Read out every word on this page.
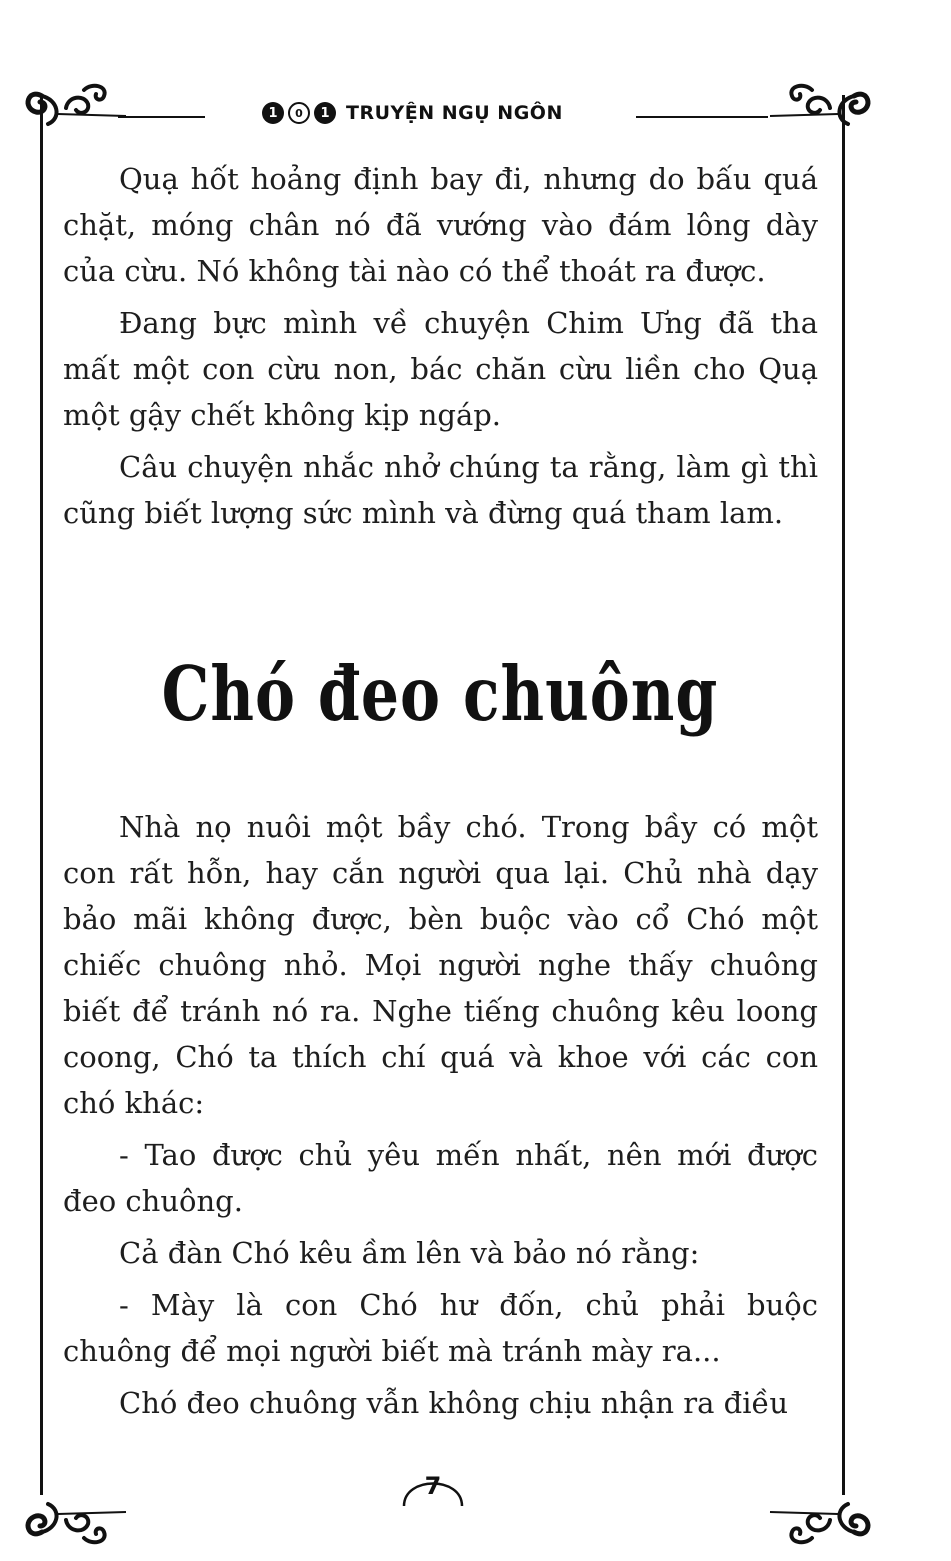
1	0	1 TRUYỆN NGỤ NGÔN

Quạ hốt hoảng định bay đi, nhưng do bấu quá chặt, móng chân nó đã vướng vào đám lông dày của cừu. Nó không tài nào có thể thoát ra được.

Đang bực mình về chuyện Chim Ưng đã tha mất một con cừu non, bác chăn cừu liền cho Quạ một gậy chết không kịp ngáp.

Câu chuyện nhắc nhở chúng ta rằng, làm gì thì cũng biết lượng sức mình và đừng quá tham lam.

Chó đeo chuông

Nhà nọ nuôi một bầy chó. Trong bầy có một con rất hỗn, hay cắn người qua lại. Chủ nhà dạy bảo mãi không được, bèn buộc vào cổ Chó một chiếc chuông nhỏ. Mọi người nghe thấy chuông biết để tránh nó ra. Nghe tiếng chuông kêu loong coong, Chó ta thích chí quá và khoe với các con chó khác:

- Tao được chủ yêu mến nhất, nên mới được đeo chuông.

Cả đàn Chó kêu ầm lên và bảo nó rằng:

- Mày là con Chó hư đốn, chủ phải buộc chuông để mọi người biết mà tránh mày ra...

Chó đeo chuông vẫn không chịu nhận ra điều

7
